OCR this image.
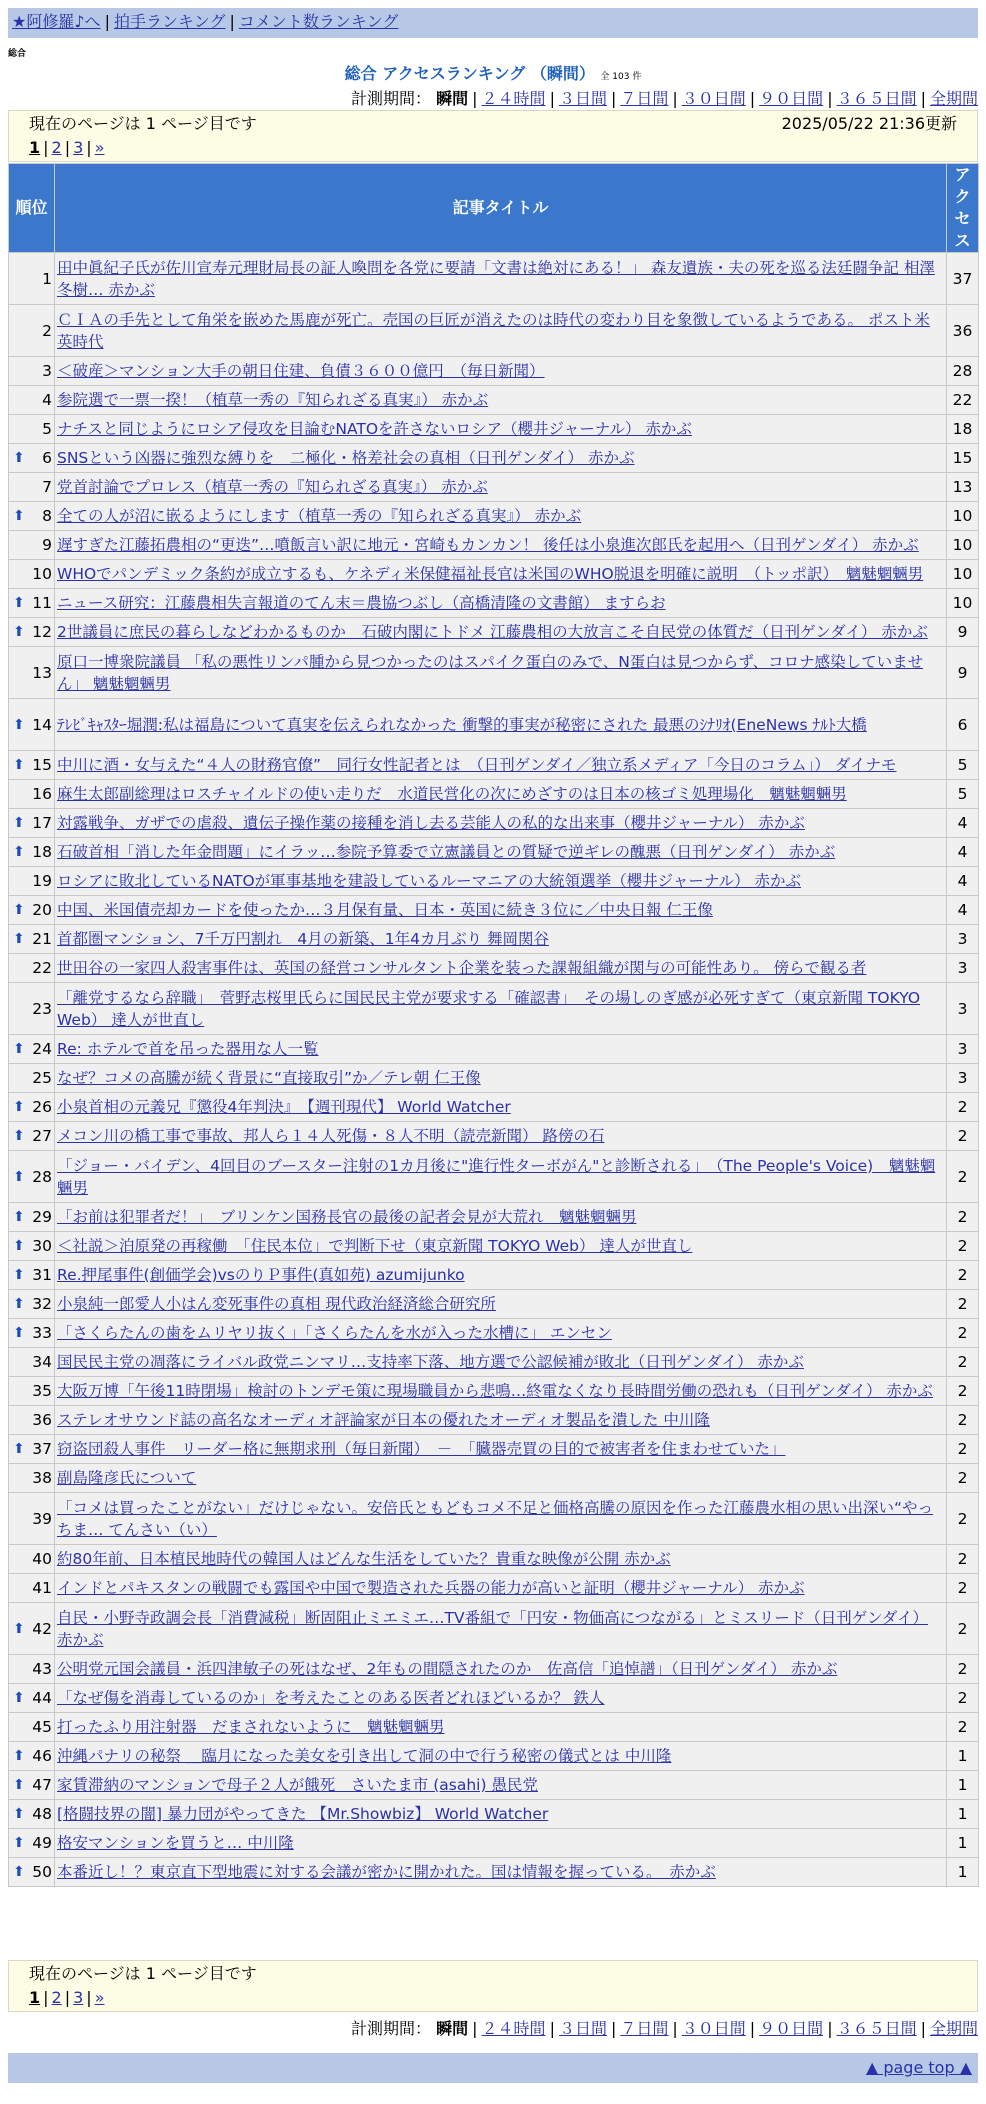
★阿修羅♪へ | 拍手ランキング | コメント数ランキング
総合
総合 アクセスランキング （瞬間） 全 103 件
計測期間： 瞬間 | ２４時間 | ３日間 | ７日間 | ３０日間 | ９０日間 | ３６５日間 | 全期間
現在のページは 1 ページ目です	2025/05/22 21:36更新
1 | 2 | 3 | »
順位	記事タイトル	アクセス
1	田中眞紀子氏が佐川宣寿元理財局長の証人喚問を各党に要請「文書は絶対にある！」 森友遺族・夫の死を巡る法廷闘争記 相澤冬樹… 赤かぶ	37
2	ＣＩＡの手先として角栄を嵌めた馬鹿が死亡。売国の巨匠が消えたのは時代の変わり目を象徴しているようである。 ポスト米英時代	36
3	＜破産＞マンション大手の朝日住建、負債３６００億円　（毎日新聞）	28
4	参院選で一票一揆！（植草一秀の『知られざる真実』） 赤かぶ	22
5	ナチスと同じようにロシア侵攻を目論むNATOを許さないロシア（櫻井ジャーナル） 赤かぶ	18

⬆ 6	SNSという凶器に強烈な縛りを　二極化・格差社会の真相（日刊ゲンダイ） 赤かぶ	15
7	党首討論でプロレス（植草一秀の『知られざる真実』） 赤かぶ	13

⬆ 8	全ての人が沼に嵌るようにします（植草一秀の『知られざる真実』） 赤かぶ	10
9	遅すぎた江藤拓農相の“更迭”…噴飯言い訳に地元・宮崎もカンカン！ 後任は小泉進次郎氏を起用へ（日刊ゲンダイ） 赤かぶ	10
10	WHOでパンデミック条約が成立するも、ケネディ米保健福祉長官は米国のWHO脱退を明確に説明　（トッポ訳）　魑魅魍魎男	10

⬆ 11	ニュース研究：江藤農相失言報道のてん末＝農協つぶし（高橋清隆の文書館） ますらお	10

⬆ 12	2世議員に庶民の暮らしなどわかるものか　石破内閣にトドメ 江藤農相の大放言こそ自民党の体質だ（日刊ゲンダイ） 赤かぶ	9
13	原口一博衆院議員 「私の悪性リンパ腫から見つかったのはスパイク蛋白のみで、N蛋白は見つからず、コロナ感染していません」 魑魅魍魎男	9

⬆ 14	ﾃﾚﾋﾞｷｬｽﾀｰ堀潤:私は福島について真実を伝えられなかった 衝撃的事実が秘密にされた 最悪のｼﾅﾘｵ(EneNews ﾅﾙﾄ大橋	6

⬆ 15	中川に酒・女与えた“４人の財務官僚”　同行女性記者とは　（日刊ゲンダイ／独立系メディア「今日のコラム」） ダイナモ	5
16	麻生太郎副総理はロスチャイルドの使い走りだ　水道民営化の次にめざすのは日本の核ゴミ処理場化　魑魅魍魎男	5

⬆ 17	対露戦争、ガザでの虐殺、遺伝子操作薬の接種を消し去る芸能人の私的な出来事（櫻井ジャーナル） 赤かぶ	4

⬆ 18	石破首相「消した年金問題」にイラッ…参院予算委で立憲議員との質疑で逆ギレの醜悪（日刊ゲンダイ） 赤かぶ	4
19	ロシアに敗北しているNATOが軍事基地を建設しているルーマニアの大統領選挙（櫻井ジャーナル） 赤かぶ	4

⬆ 20	中国、米国債売却カードを使ったか…３月保有量、日本・英国に続き３位に／中央日報 仁王像	4

⬆ 21	首都圏マンション、7千万円割れ　4月の新築、1年4カ月ぶり 舞岡関谷	3
22	世田谷の一家四人殺害事件は、英国の経営コンサルタント企業を装った課報組織が関与の可能性あり。 傍らで観る者	3
23	「離党するなら辞職」　菅野志桜里氏らに国民民主党が要求する「確認書」　その場しのぎ感が必死すぎて（東京新聞 TOKYO Web） 達人が世直し	3

⬆ 24	Re: ホテルで首を吊った器用な人一覧	3
25	なぜ？コメの高騰が続く背景に“直接取引”か／テレ朝 仁王像	3

⬆ 26	小泉首相の元義兄『懲役4年判決』　【週刊現代】 World Watcher	2

⬆ 27	メコン川の橋工事で事故、邦人ら１４人死傷・８人不明（読売新聞） 路傍の石	2

⬆ 28	「ジョー・バイデン、4回目のブースター注射の1カ月後に"進行性ターボがん"と診断される」　（The People's Voice)　魑魅魍魎男	2

⬆ 29	「お前は犯罪者だ！」　ブリンケン国務長官の最後の記者会見が大荒れ　魑魅魍魎男	2

⬆ 30	＜社説＞泊原発の再稼働　「住民本位」で判断下せ（東京新聞 TOKYO Web） 達人が世直し	2

⬆ 31	Re.押尾事件(創価学会)vsのりＰ事件(真如苑) azumijunko	2

⬆ 32	小泉純一郎愛人小はん変死事件の真相 現代政治経済総合研究所	2

⬆ 33	「さくらたんの歯をムリヤリ抜く」「さくらたんを水が入った水槽に」 エンセン	2
34	国民民主党の凋落にライバル政党ニンマリ…支持率下落、地方選で公認候補が敗北（日刊ゲンダイ） 赤かぶ	2
35	大阪万博「午後11時閉場」検討のトンデモ策に現場職員から悲鳴…終電なくなり長時間労働の恐れも（日刊ゲンダイ） 赤かぶ	2
36	ステレオサウンド誌の高名なオーディオ評論家が日本の優れたオーディオ製品を潰した 中川隆	2

⬆ 37	窃盗団殺人事件　リーダー格に無期求刑（毎日新聞）　－　「臓器売買の目的で被害者を住まわせていた」	2
38	副島隆彦氏について	2
39	「コメは買ったことがない」だけじゃない。安倍氏ともどもコメ不足と価格高騰の原因を作った江藤農水相の思い出深い“やっちま… てんさい（い）	2
40	約80年前、日本植民地時代の韓国人はどんな生活をしていた？貴重な映像が公開 赤かぶ	2
41	インドとパキスタンの戦闘でも露国や中国で製造された兵器の能力が高いと証明（櫻井ジャーナル） 赤かぶ	2

⬆ 42	自民・小野寺政調会長「消費減税」断固阻止ミエミエ…TV番組で「円安・物価高につながる」とミスリード（日刊ゲンダイ） 赤かぶ	2
43	公明党元国会議員・浜四津敏子の死はなぜ、2年もの間隠されたのか　佐高信「追悼譜」（日刊ゲンダイ） 赤かぶ	2

⬆ 44	「なぜ傷を消毒しているのか」を考えたことのある医者どれほどいるか？ 鉄人	2
45	打ったふり用注射器　だまされないように　魑魅魍魎男	2

⬆ 46	沖縄パナリの秘祭 ＿臨月になった美女を引き出して洞の中で行う秘密の儀式とは 中川隆	1

⬆ 47	家賃滞納のマンションで母子２人が餓死　さいたま市 (asahi) 愚民党	1

⬆ 48	[格闘技界の闇] 暴力団がやってきた 【Mr.Showbiz】 World Watcher	1

⬆ 49	格安マンションを買うと… 中川隆	1

⬆ 50	本番近し！？東京直下型地震に対する会議が密かに開かれた。国は情報を握っている。　赤かぶ	1
現在のページは 1 ページ目です
1 | 2 | 3 | »
計測期間： 瞬間 | ２４時間 | ３日間 | ７日間 | ３０日間 | ９０日間 | ３６５日間 | 全期間
▲ page top ▲
